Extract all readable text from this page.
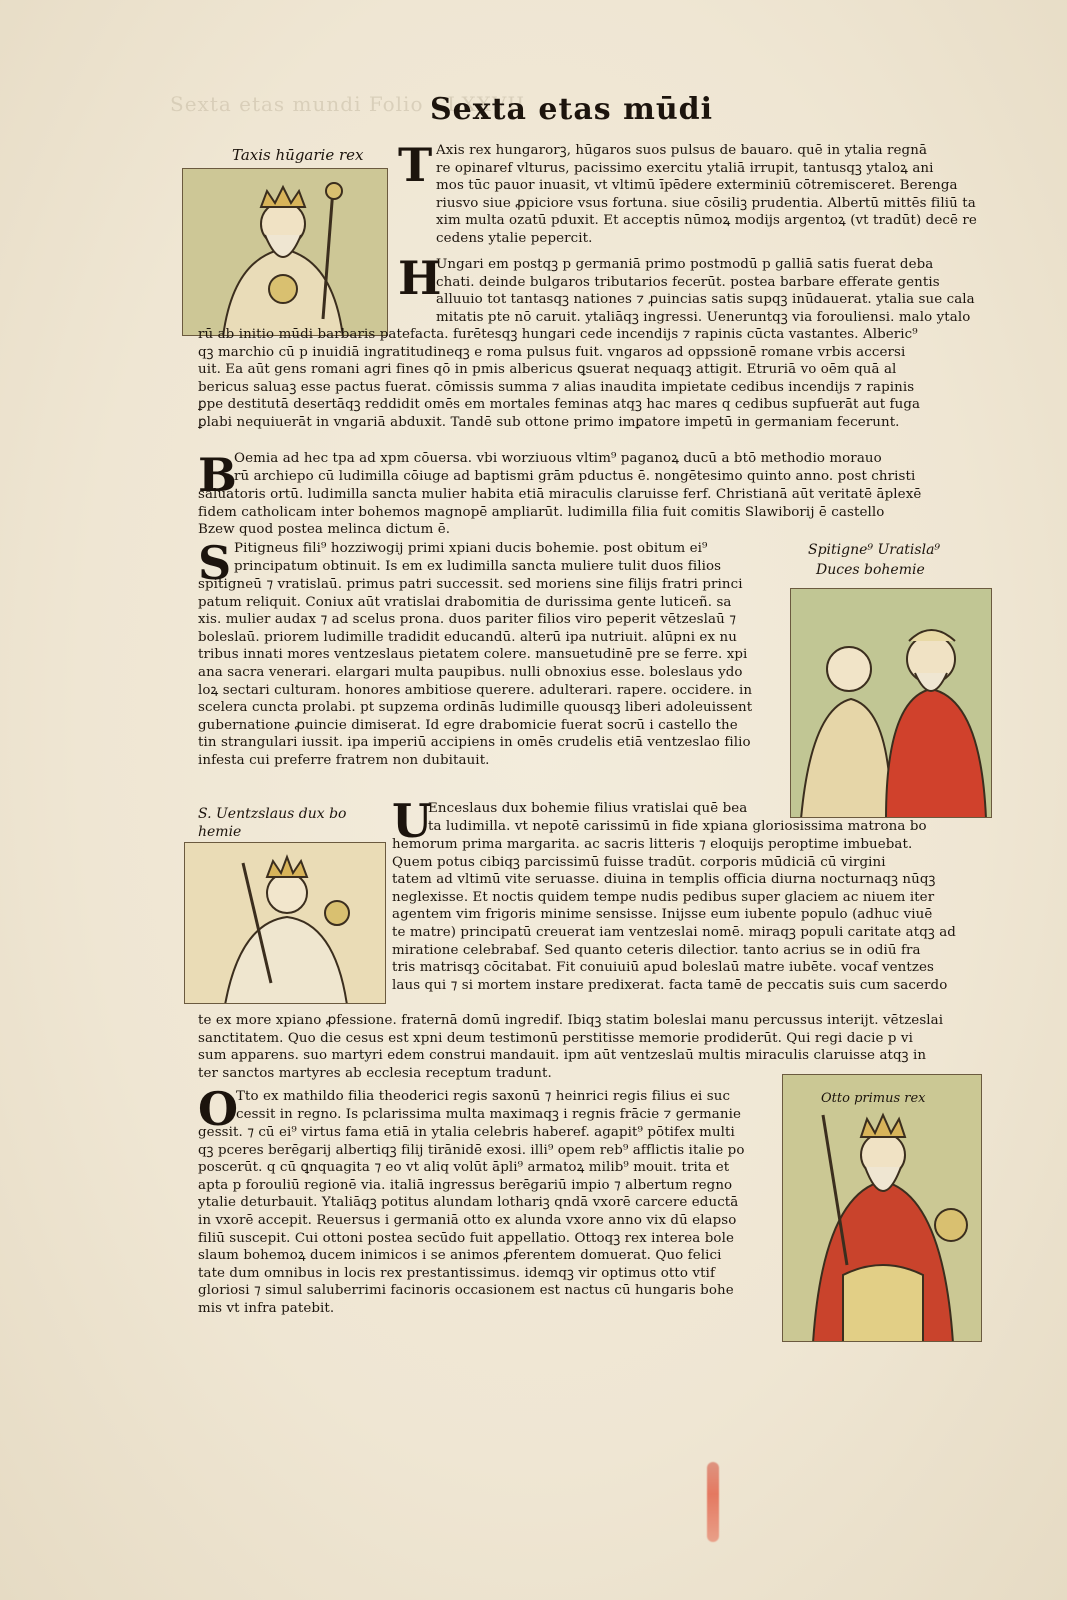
Sexta etas mundi Folio CLXXVII
Sexta etas mūdi
Taxis hūgarie rex T Axis rex hungarorꝫ, hūgaros suos pulsus de bauaro. quē in ytalia regnā
re opinaref vlturus, pacissimo exercitu ytaliā irrupit, tantusqꝫ ytaloꝝ ani
mos tūc pauor inuasit, vt vltimū īpēdere exterminiū cōtremisceret. Berenga
riusvo siue ꝓpiciore vsus fortuna. siue cōsiliꝫ prudentia. Albertū mittēs filiū ta
xim multa ozatū pduxit. Et acceptis nūmoꝝ modijs argentoꝝ (vt tradūt) decē re
cedens ytalie pepercit.
H
Ungari em postqꝫ p germaniā primo postmodū p galliā satis fuerat deba
chati. deinde bulgaros tributarios fecerūt. postea barbare efferate gentis
alluuio tot tantasqꝫ nationes ⁊ ꝓuincias satis supqꝫ inūdauerat. ytalia sue cala
mitatis pte nō caruit. ytaliāqꝫ ingressi. Ueneruntqꝫ via forouliensi. malo ytalo
rū ab initio mūdi barbaris patefacta. furētesqꝫ hungari cede incendijs ⁊ rapinis cūcta vastantes. Alberic⁹
qꝫ marchio cū p inuidiā ingratitudineqꝫ e roma pulsus fuit. vngaros ad oppssionē romane vrbis accersi
uit. Ea aūt gens romani agri fines qō in pmis albericus ꝗsuerat nequaqꝫ attigit. Etruriā vo oēm quā al
bericus saluaꝫ esse pactus fuerat. cōmissis summa ⁊ alias inaudita impietate cedibus incendijs ⁊ rapinis
ꝑpe destitutā desertāqꝫ reddidit omēs em mortales feminas atqꝫ hac mares q cedibus supfuerāt aut fuga
ꝑlabi nequiuerāt in vngariā abduxit. Tandē sub ottone primo imꝑatore impetū in germaniam fecerunt.
B
Oemia ad hec tpa ad xpm cōuersa. vbi worziuous vltim⁹ paganoꝝ ducū a btō methodio morauo
rū archiepo cū ludimilla cōiuge ad baptismi grām pductus ē. nongētesimo quinto anno. post christi
saluatoris ortū. ludimilla sancta mulier habita etiā miraculis claruisse ferf. Christianā aūt veritatē āplexē
fidem catholicam inter bohemos magnopē ampliarūt. ludimilla filia fuit comitis Slawiborij ē castello
Bzew quod postea melinca dictum ē.
S	Spitigne⁹ Uratisla⁹
Duces bohemie
Pitigneus fili⁹ hozziwogij primi xpiani ducis bohemie. post obitum ei⁹
principatum obtinuit. Is em ex ludimilla sancta muliere tulit duos filios
spitigneū ⁊ vratislaū. primus patri successit. sed moriens sine filijs fratri princi
patum reliquit. Coniux aūt vratislai drabomitia de durissima gente luticeñ. sa
xis. mulier audax ⁊ ad scelus prona. duos pariter filios viro peperit vētzeslaū ⁊
boleslaū. priorem ludimille tradidit educandū. alterū ipa nutriuit. alūpni ex nu
tribus innati mores ventzeslaus pietatem colere. mansuetudinē pre se ferre. xpi
ana sacra venerari. elargari multa paupibus. nulli obnoxius esse. boleslaus ydo
loꝝ sectari culturam. honores ambitiose querere. adulterari. rapere. occidere. in
scelera cuncta prolabi. pt supzema ordinās ludimille quousqꝫ liberi adoleuissent
gubernatione ꝓuincie dimiserat. Id egre drabomicie fuerat socrū i castello the
tin strangulari iussit. ipa imperiū accipiens in omēs crudelis etiā ventzeslao filio
infesta cui preferre fratrem non dubitauit.
S. Uentzslaus dux bo
hemie	U
Enceslaus dux bohemie filius vratislai quē bea
ta ludimilla. vt nepotē carissimū in fide xpiana gloriosissima matrona bo
hemorum prima margarita. ac sacris litteris ⁊ eloquijs peroptime imbuebat.
Quem potus cibiqꝫ parcissimū fuisse tradūt. corporis mūdiciā cū virgini
tatem ad vltimū vite seruasse. diuina in templis officia diurna nocturnaqꝫ nūqꝫ
neglexisse. Et noctis quidem tempe nudis pedibus super glaciem ac niuem iter
agentem vim frigoris minime sensisse. Inijsse eum iubente populo (adhuc viuē
te matre) principatū creuerat iam ventzeslai nomē. miraqꝫ populi caritate atqꝫ ad
miratione celebrabaf. Sed quanto ceteris dilectior. tanto acrius se in odiū fra
tris matrisqꝫ cōcitabat. Fit conuiuiū apud boleslaū matre iubēte. vocaf ventzes
laus qui ⁊ si mortem instare predixerat. facta tamē de peccatis suis cum sacerdo
te ex more xpiano ꝓfessione. fraternā domū ingredif. Ibiqꝫ statim boleslai manu percussus interijt. vētzeslai
sanctitatem. Quo die cesus est xpni deum testimonū perstitisse memorie prodiderūt. Qui regi dacie p vi
sum apparens. suo martyri edem construi mandauit. ipm aūt ventzeslaū multis miraculis claruisse atqꝫ in
ter sanctos martyres ab ecclesia receptum tradunt.
O
Tto ex mathildo filia theoderici regis saxonū ⁊ heinrici regis filius ei suc
cessit in regno. Is pclarissima multa maximaqꝫ i regnis frācie ⁊ germanie
gessit. ⁊ cū ei⁹ virtus fama etiā in ytalia celebris haberef. agapit⁹ pōtifex multi
qꝫ pceres berēgarij albertiqꝫ filij tirānidē exosi. illi⁹ opem reb⁹ afflictis italie po
poscerūt. q cū ꝗnquagita ⁊ eo vt aliq volūt āpli⁹ armatoꝝ milib⁹ mouit. trita et
apta p forouliū regionē via. italiā ingressus berēgariū impio ⁊ albertum regno
ytalie deturbauit. Ytaliāqꝫ potitus alundam lothariꝫ qndā vxorē carcere eductā
in vxorē accepit. Reuersus i germaniā otto ex alunda vxore anno vix dū elapso
filiū suscepit. Cui ottoni postea secūdo fuit appellatio. Ottoqꝫ rex interea bole
slaum bohemoꝝ ducem inimicos i se animos ꝓferentem domuerat. Quo felici
tate dum omnibus in locis rex prestantissimus. idemqꝫ vir optimus otto vtif
gloriosi ⁊ simul saluberrimi facinoris occasionem est nactus cū hungaris bohe
mis vt infra patebit.
Otto primus rex
